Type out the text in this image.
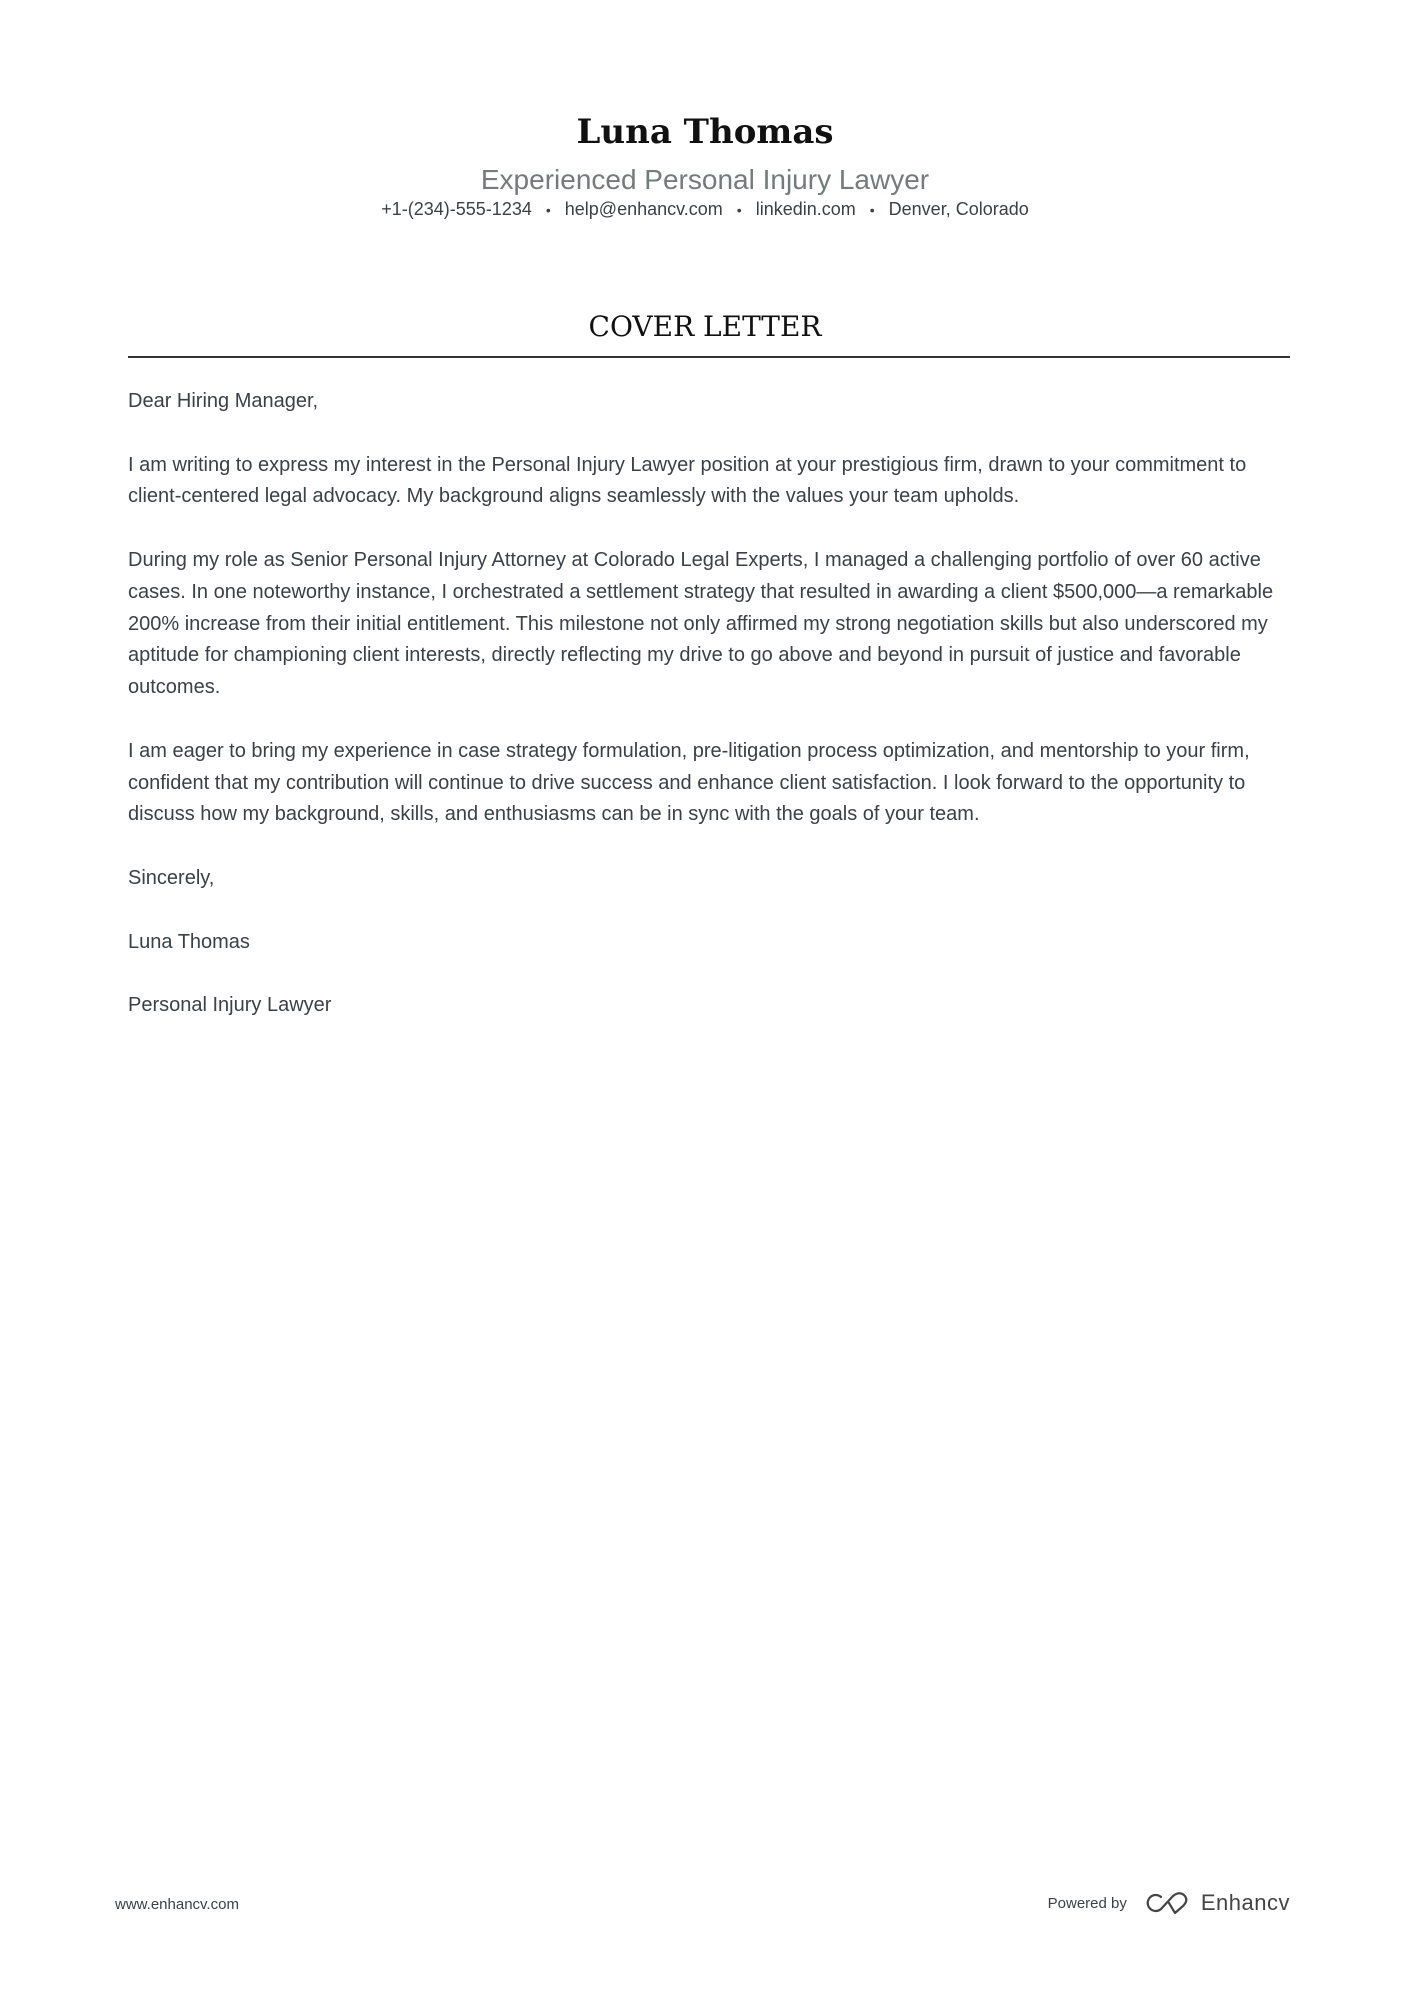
Luna Thomas
Experienced Personal Injury Lawyer
+1-(234)-555-1234 • help@enhancv.com • linkedin.com • Denver, Colorado
COVER LETTER

Dear Hiring Manager,

I am writing to express my interest in the Personal Injury Lawyer position at your prestigious firm, drawn to your commitment to client-centered legal advocacy. My background aligns seamlessly with the values your team upholds.

During my role as Senior Personal Injury Attorney at Colorado Legal Experts, I managed a challenging portfolio of over 60 active cases. In one noteworthy instance, I orchestrated a settlement strategy that resulted in awarding a client $500,000—a remarkable 200% increase from their initial entitlement. This milestone not only affirmed my strong negotiation skills but also underscored my aptitude for championing client interests, directly reflecting my drive to go above and beyond in pursuit of justice and favorable outcomes.

I am eager to bring my experience in case strategy formulation, pre-litigation process optimization, and mentorship to your firm, confident that my contribution will continue to drive success and enhance client satisfaction. I look forward to the opportunity to discuss how my background, skills, and enthusiasms can be in sync with the goals of your team.

Sincerely,

Luna Thomas

Personal Injury Lawyer

www.enhancv.com	Powered by	Enhancv
